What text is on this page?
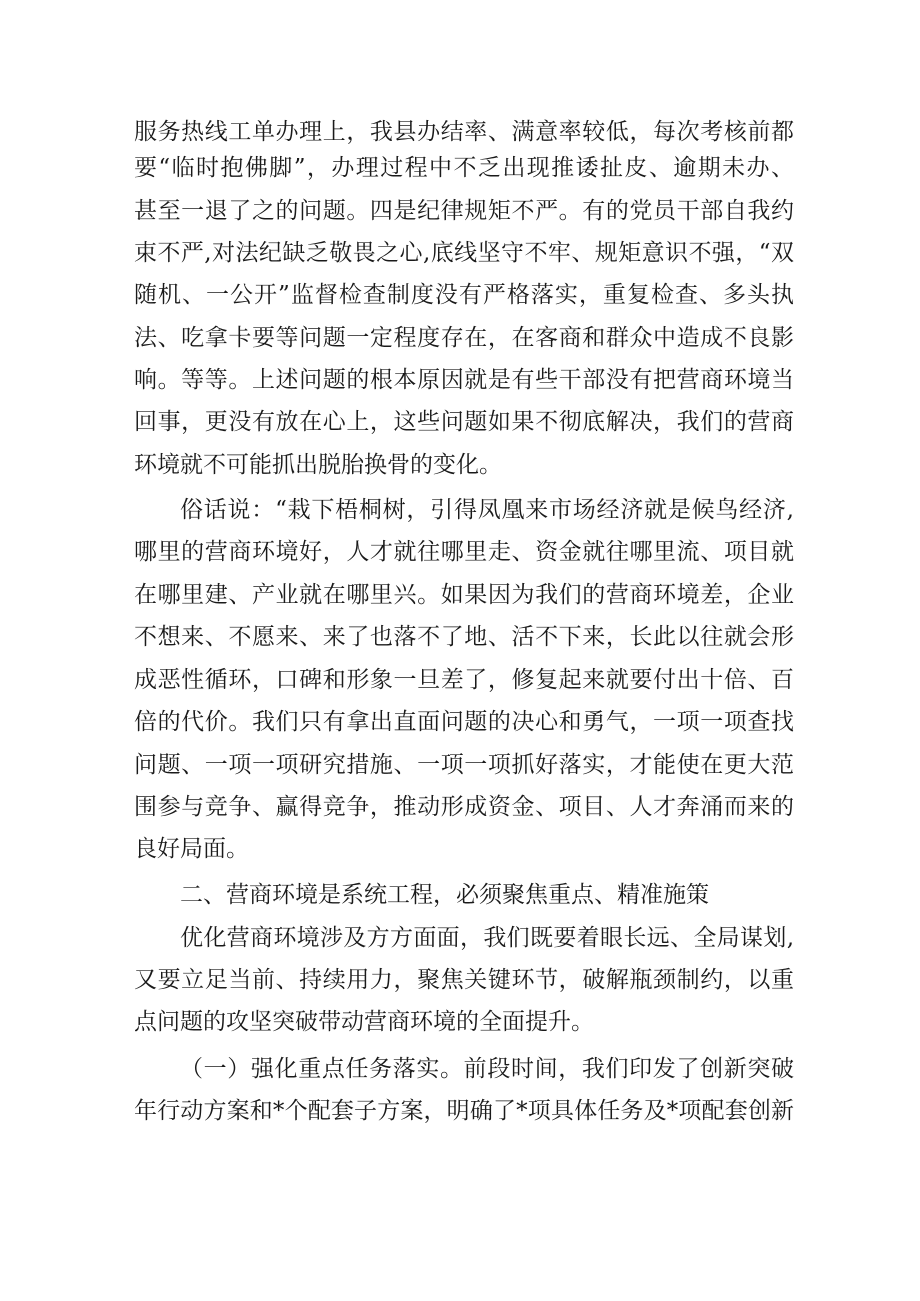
服务热线工单办理上，我县办结率、满意率较低，每次考核前都
要“临时抱佛脚”，办理过程中不乏出现推诿扯皮、逾期未办、
甚至一退了之的问题。四是纪律规矩不严。有的党员干部自我约
束不严,对法纪缺乏敬畏之心,底线坚守不牢、规矩意识不强，“双
随机、一公开”监督检查制度没有严格落实，重复检查、多头执
法、吃拿卡要等问题一定程度存在，在客商和群众中造成不良影
响。等等。上述问题的根本原因就是有些干部没有把营商环境当
回事，更没有放在心上，这些问题如果不彻底解决，我们的营商
环境就不可能抓出脱胎换骨的变化。
俗话说：“栽下梧桐树，引得凤凰来市场经济就是候鸟经济,
哪里的营商环境好，人才就往哪里走、资金就往哪里流、项目就
在哪里建、产业就在哪里兴。如果因为我们的营商环境差，企业
不想来、不愿来、来了也落不了地、活不下来，长此以往就会形
成恶性循环，口碑和形象一旦差了，修复起来就要付出十倍、百
倍的代价。我们只有拿出直面问题的决心和勇气，一项一项查找
问题、一项一项研究措施、一项一项抓好落实，才能使在更大范
围参与竞争、赢得竞争，推动形成资金、项目、人才奔涌而来的
良好局面。
二、营商环境是系统工程，必须聚焦重点、精准施策
优化营商环境涉及方方面面，我们既要着眼长远、全局谋划,
又要立足当前、持续用力，聚焦关键环节，破解瓶颈制约，以重
点问题的攻坚突破带动营商环境的全面提升。
（一）强化重点任务落实。前段时间，我们印发了创新突破
年行动方案和*个配套子方案，明确了*项具体任务及*项配套创新
